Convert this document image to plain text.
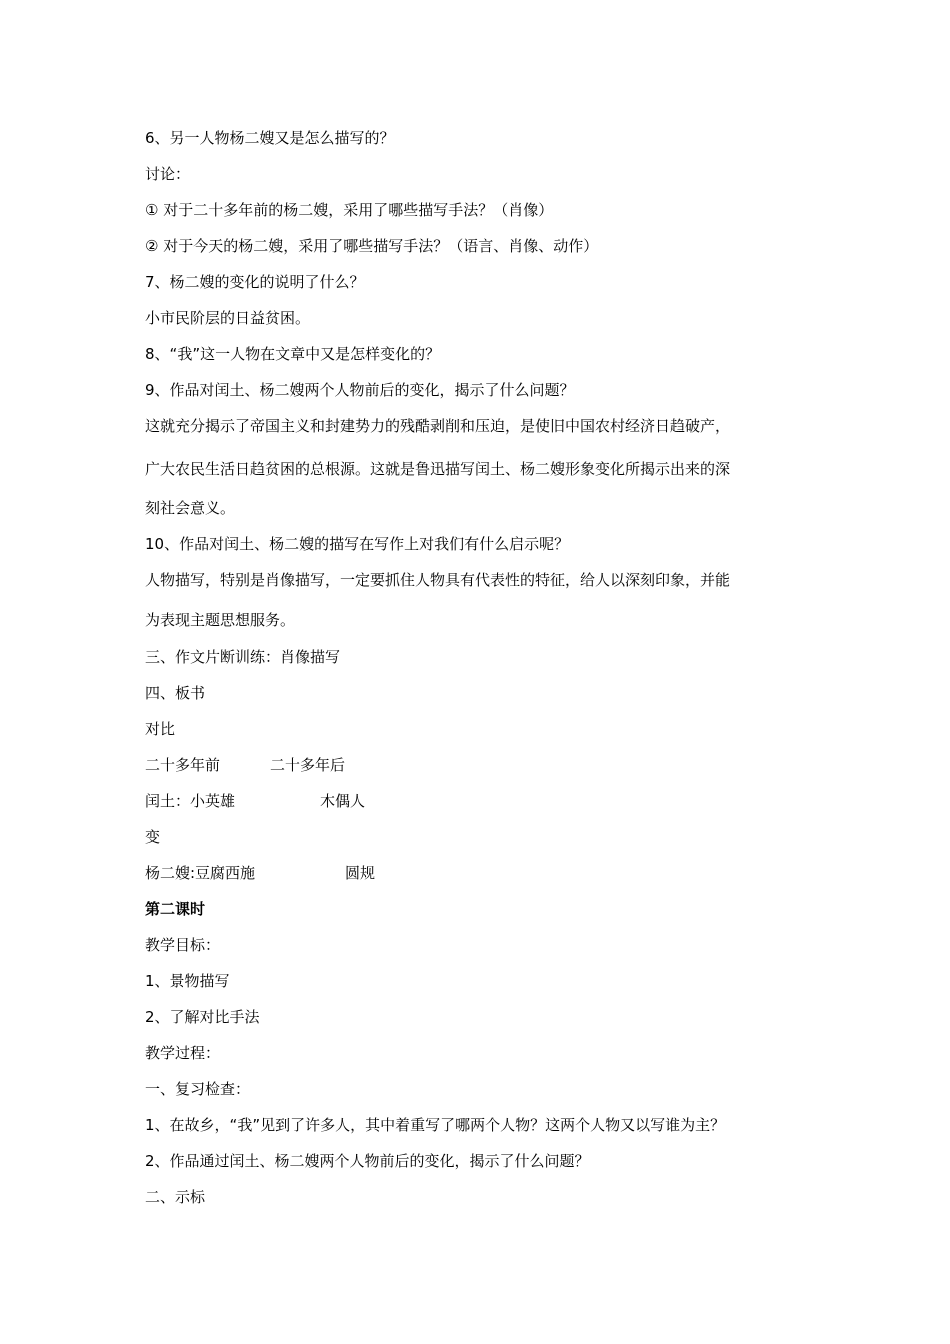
6、另一人物杨二嫂又是怎么描写的？
讨论：
① 对于二十多年前的杨二嫂，采用了哪些描写手法？（肖像）
② 对于今天的杨二嫂，采用了哪些描写手法？（语言、肖像、动作）
7、杨二嫂的变化的说明了什么？
小市民阶层的日益贫困。
8、“我”这一人物在文章中又是怎样变化的？
9、作品对闰土、杨二嫂两个人物前后的变化，揭示了什么问题？
这就充分揭示了帝国主义和封建势力的残酷剥削和压迫，是使旧中国农村经济日趋破产，
广大农民生活日趋贫困的总根源。这就是鲁迅描写闰土、杨二嫂形象变化所揭示出来的深
刻社会意义。
10、作品对闰土、杨二嫂的描写在写作上对我们有什么启示呢？
人物描写，特别是肖像描写，一定要抓住人物具有代表性的特征，给人以深刻印象，并能
为表现主题思想服务。
三、作文片断训练：肖像描写
四、板书
对比
二十多年前	二十多年后
闰土：小英雄	木偶人
变
杨二嫂:豆腐西施	圆规
第二课时
教学目标：
1、景物描写
2、了解对比手法
教学过程：
一、复习检查：
1、在故乡，“我”见到了许多人，其中着重写了哪两个人物？这两个人物又以写谁为主？
2、作品通过闰土、杨二嫂两个人物前后的变化，揭示了什么问题？
二、示标
